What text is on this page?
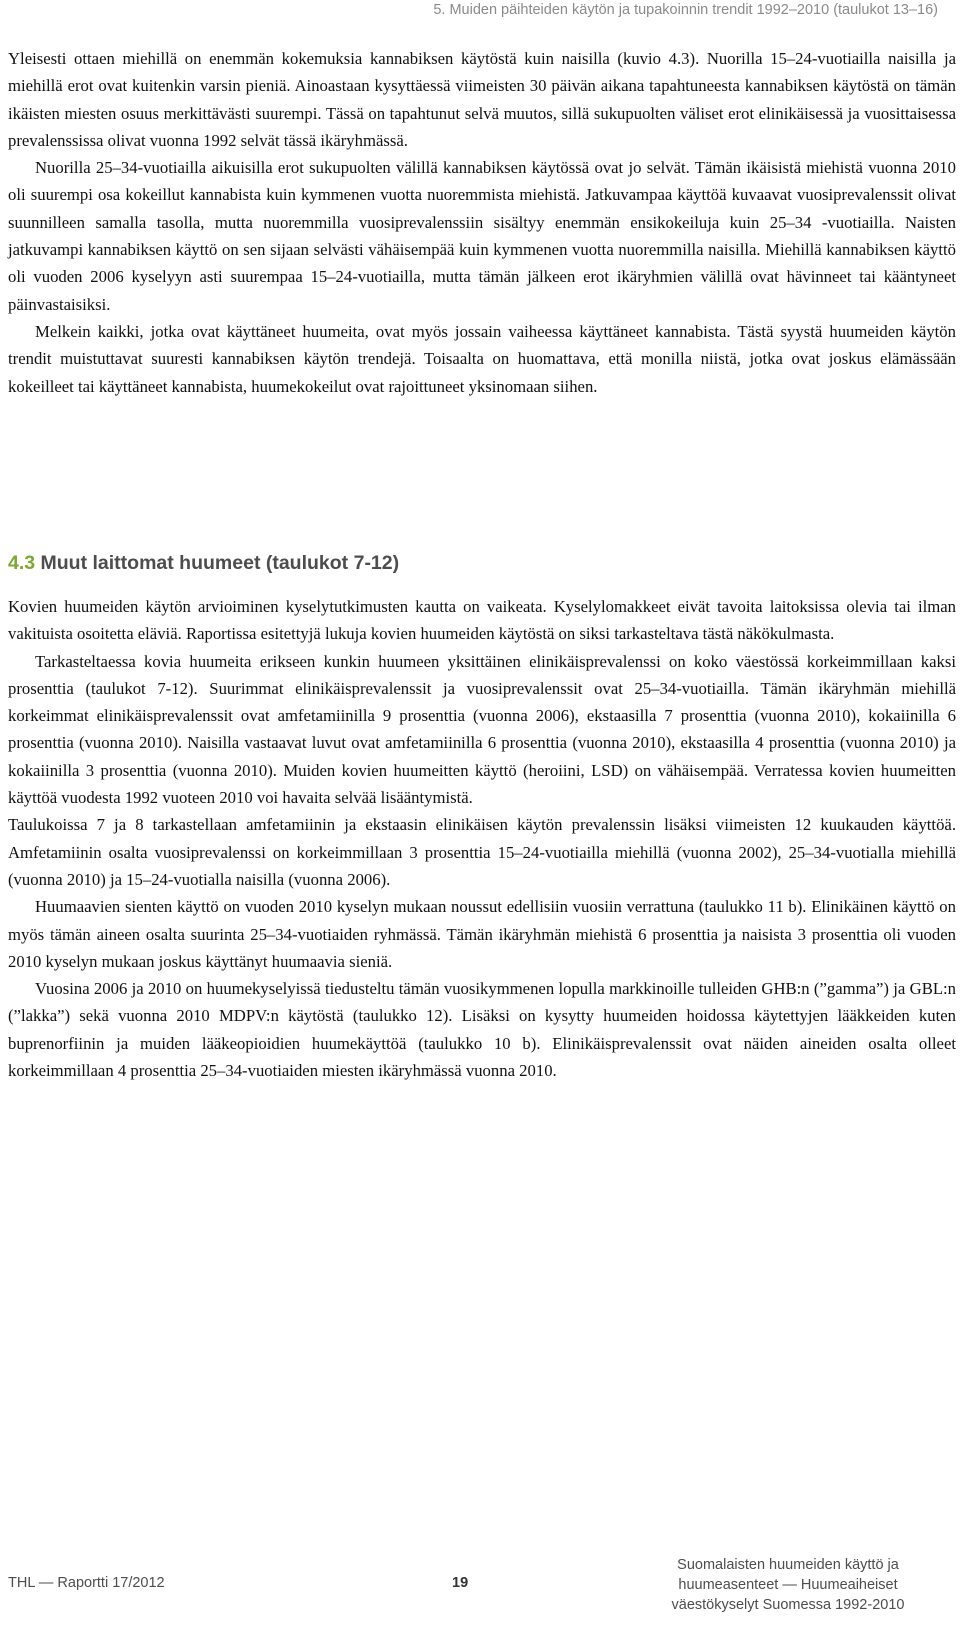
5. Muiden päihteiden käytön ja tupakoinnin trendit 1992–2010 (taulukot 13–16)

Yleisesti ottaen miehillä on enemmän kokemuksia kannabiksen käytöstä kuin naisilla (kuvio 4.3). Nuorilla 15–24-vuotiailla naisilla ja miehillä erot ovat kuitenkin varsin pieniä. Ainoastaan kysyttäessä viimeisten 30 päivän aikana tapahtuneesta kannabiksen käytöstä on tämän ikäisten miesten osuus merkittävästi suurempi. Tässä on tapahtunut selvä muutos, sillä sukupuolten väliset erot elinikäisessä ja vuosittaisessa prevalenssissa olivat vuonna 1992 selvät tässä ikäryhmässä.

Nuorilla 25–34-vuotiailla aikuisilla erot sukupuolten välillä kannabiksen käytössä ovat jo selvät. Tämän ikäisistä miehistä vuonna 2010 oli suurempi osa kokeillut kannabista kuin kymmenen vuotta nuoremmista miehistä. Jatkuvampaa käyttöä kuvaavat vuosiprevalenssit olivat suunnilleen samalla tasolla, mutta nuoremmilla vuosiprevalenssiin sisältyy enemmän ensikokeiluja kuin 25–34 -vuotiailla. Naisten jatkuvampi kannabiksen käyttö on sen sijaan selvästi vähäisempää kuin kymmenen vuotta nuoremmilla naisilla. Miehillä kannabiksen käyttö oli vuoden 2006 kyselyyn asti suurempaa 15–24-vuotiailla, mutta tämän jälkeen erot ikäryhmien välillä ovat hävinneet tai kääntyneet päinvastaisiksi.

Melkein kaikki, jotka ovat käyttäneet huumeita, ovat myös jossain vaiheessa käyttäneet kannabista. Tästä syystä huumeiden käytön trendit muistuttavat suuresti kannabiksen käytön trendejä. Toisaalta on huomattava, että monilla niistä, jotka ovat joskus elämässään kokeilleet tai käyttäneet kannabista, huumekokeilut ovat rajoittuneet yksinomaan siihen.

4.3 Muut laittomat huumeet (taulukot 7-12)

Kovien huumeiden käytön arvioiminen kyselytutkimusten kautta on vaikeata. Kyselylomakkeet eivät tavoita laitoksissa olevia tai ilman vakituista osoitetta eläviä. Raportissa esitettyjä lukuja kovien huumeiden käytöstä on siksi tarkasteltava tästä näkökulmasta.

Tarkasteltaessa kovia huumeita erikseen kunkin huumeen yksittäinen elinikäisprevalenssi on koko väestössä korkeimmillaan kaksi prosenttia (taulukot 7-12). Suurimmat elinikäisprevalenssit ja vuosiprevalenssit ovat 25–34-vuotiailla. Tämän ikäryhmän miehillä korkeimmat elinikäisprevalenssit ovat amfetamiinilla 9 prosenttia (vuonna 2006), ekstaasilla 7 prosenttia (vuonna 2010), kokaiinilla 6 prosenttia (vuonna 2010). Naisilla vastaavat luvut ovat amfetamiinilla 6 prosenttia (vuonna 2010), ekstaasilla 4 prosenttia (vuonna 2010) ja kokaiinilla 3 prosenttia (vuonna 2010). Muiden kovien huumeitten käyttö (heroiini, LSD) on vähäisempää. Verratessa kovien huumeitten käyttöä vuodesta 1992 vuoteen 2010 voi havaita selvää lisääntymistä.

Taulukoissa 7 ja 8 tarkastellaan amfetamiinin ja ekstaasin elinikäisen käytön prevalenssin lisäksi viimeisten 12 kuukauden käyttöä. Amfetamiinin osalta vuosiprevalenssi on korkeimmillaan 3 prosenttia 15–24-vuotiailla miehillä (vuonna 2002), 25–34-vuotialla miehillä (vuonna 2010) ja 15–24-vuotialla naisilla (vuonna 2006).

Huumaavien sienten käyttö on vuoden 2010 kyselyn mukaan noussut edellisiin vuosiin verrattuna (taulukko 11 b). Elinikäinen käyttö on myös tämän aineen osalta suurinta 25–34-vuotiaiden ryhmässä. Tämän ikäryhmän miehistä 6 prosenttia ja naisista 3 prosenttia oli vuoden 2010 kyselyn mukaan joskus käyttänyt huumaavia sieniä.

Vuosina 2006 ja 2010 on huumekyselyissä tiedusteltu tämän vuosikymmenen lopulla markkinoille tulleiden GHB:n (”gamma”) ja GBL:n (”lakka”) sekä vuonna 2010 MDPV:n käytöstä (taulukko 12). Lisäksi on kysytty huumeiden hoidossa käytettyjen lääkkeiden kuten buprenorfiinin ja muiden lääkeopioidien huumekäyttöä (taulukko 10 b). Elinikäisprevalenssit ovat näiden aineiden osalta olleet korkeimmillaan 4 prosenttia 25–34-vuotiaiden miesten ikäryhmässä vuonna 2010.

THL — Raportti 17/2012	19
Suomalaisten huumeiden käyttö ja
huumeasenteet — Huumeaiheiset
väestökyselyt Suomessa 1992-2010
